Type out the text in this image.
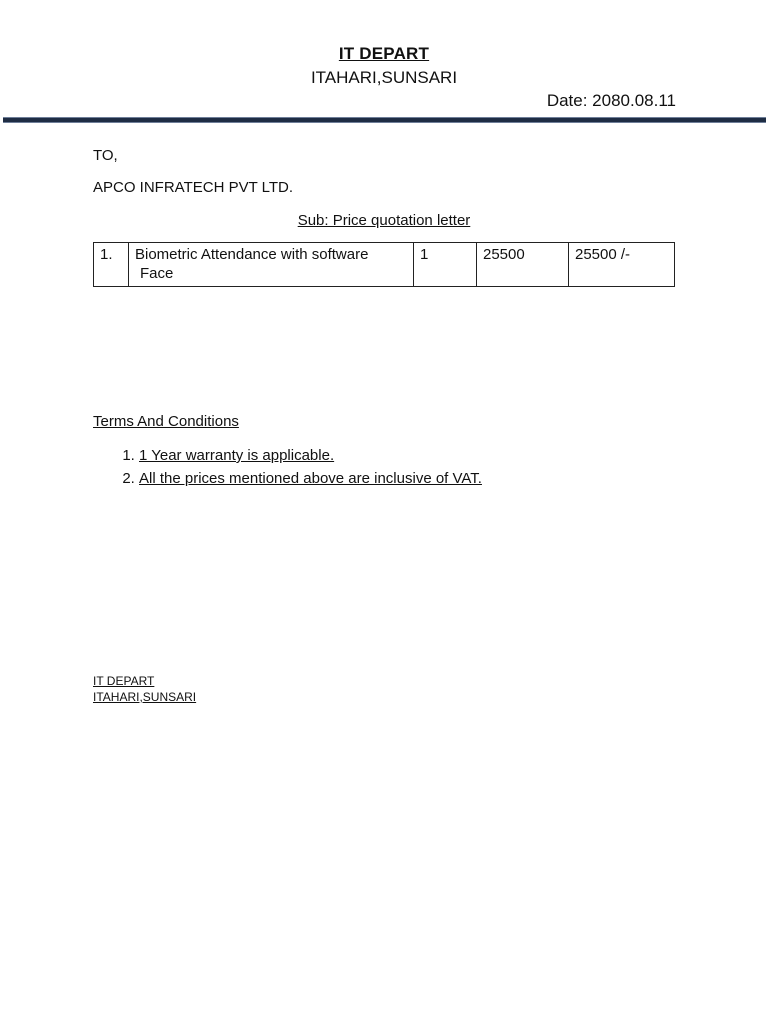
IT DEPART
ITAHARI,SUNSARI
Date: 2080.08.11
TO,
APCO INFRATECH PVT LTD.
Sub: Price quotation letter
1.	Biometric Attendance with software
Face
	1	25500	25500 /-
Terms And Conditions
1. 1 Year warranty is applicable.
2. All the prices mentioned above are inclusive of VAT.
IT DEPART
ITAHARI,SUNSARI
